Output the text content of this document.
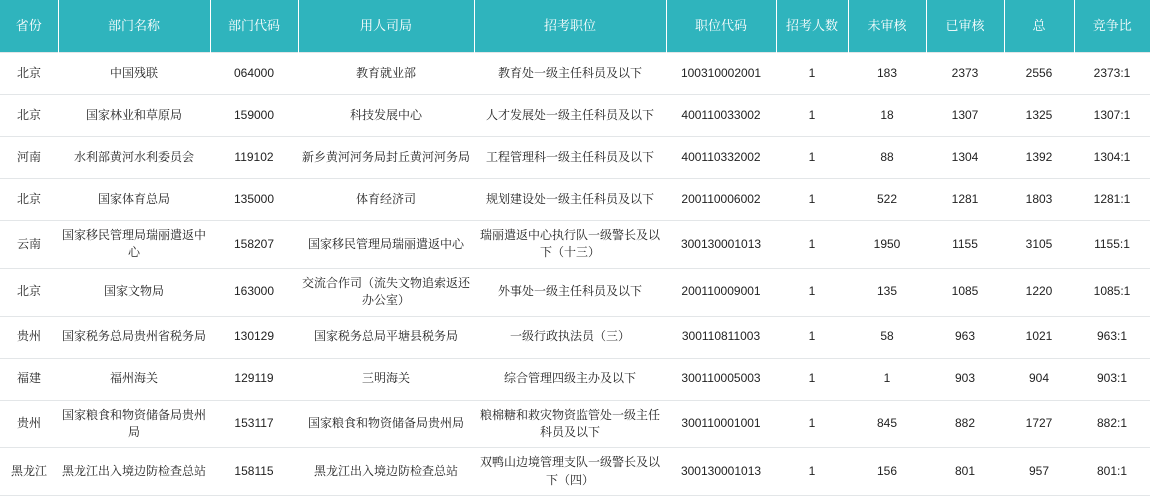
省份	部门名称	部门代码	用人司局	招考职位	职位代码	招考人数	未审核	已审核	总	竞争比
北京	中国残联	064000	教育就业部	教育处一级主任科员及以下	100310002001	1	183	2373	2556	2373:1
北京	国家林业和草原局	159000	科技发展中心	人才发展处一级主任科员及以下	400110033002	1	18	1307	1325	1307:1
河南	水利部黄河水利委员会	119102	新乡黄河河务局封丘黄河河务局	工程管理科一级主任科员及以下	400110332002	1	88	1304	1392	1304:1
北京	国家体育总局	135000	体育经济司	规划建设处一级主任科员及以下	200110006002	1	522	1281	1803	1281:1
云南	国家移民管理局瑞丽遣返中心	158207	国家移民管理局瑞丽遣返中心	瑞丽遣返中心执行队一级警长及以下（十三）	300130001013	1	1950	1155	3105	1155:1
北京	国家文物局	163000	交流合作司（流失文物追索返还办公室）	外事处一级主任科员及以下	200110009001	1	135	1085	1220	1085:1
贵州	国家税务总局贵州省税务局	130129	国家税务总局平塘县税务局	一级行政执法员（三）	300110811003	1	58	963	1021	963:1
福建	福州海关	129119	三明海关	综合管理四级主办及以下	300110005003	1	1	903	904	903:1
贵州	国家粮食和物资储备局贵州局	153117	国家粮食和物资储备局贵州局	粮棉糖和救灾物资监管处一级主任科员及以下	300110001001	1	845	882	1727	882:1
黑龙江	黑龙江出入境边防检查总站	158115	黑龙江出入境边防检查总站	双鸭山边境管理支队一级警长及以下（四）	300130001013	1	156	801	957	801:1
